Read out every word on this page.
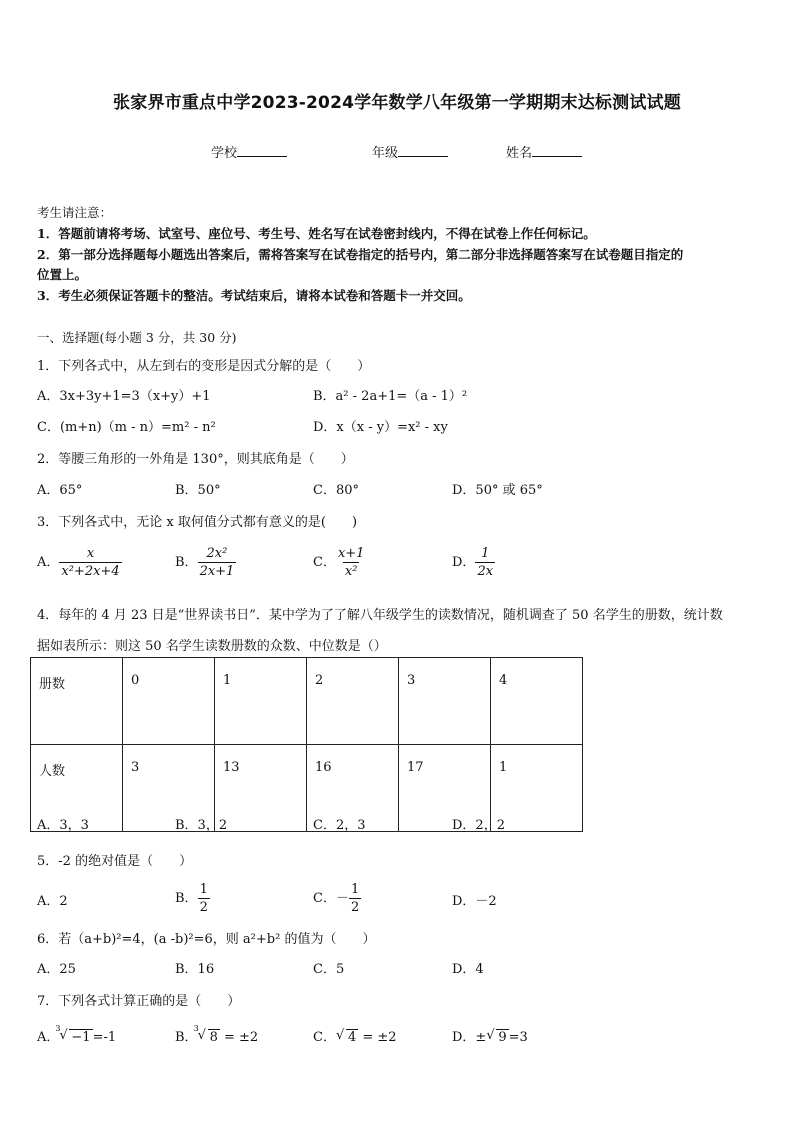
张家界市重点中学2023-2024学年数学八年级第一学期期末达标测试试题
学校	年级	姓名
考生请注意：
1．答题前请将考场、试室号、座位号、考生号、姓名写在试卷密封线内，不得在试卷上作任何标记。
2．第一部分选择题每小题选出答案后，需将答案写在试卷指定的括号内，第二部分非选择题答案写在试卷题目指定的
位置上。
3．考生必须保证答题卡的整洁。考试结束后，请将本试卷和答题卡一并交回。
一、选择题(每小题 3 分，共 30 分)
1．下列各式中，从左到右的变形是因式分解的是（　　）
A．3x+3y+1=3（x+y）+1	B．a² - 2a+1=（a - 1）²
C．(m+n)（m - n）=m² - n²	D．x（x - y）=x² - xy
2．等腰三角形的一外角是 130°，则其底角是（　　）
A．65°	B．50°	C．80°	D．50° 或 65°
3．下列各式中，无论 x 取何值分式都有意义的是(　　)
A． $\frac{x}{\text{x²+2x+4}}$	B． $\frac{\text{2x²}}{2x+1}$	C． $\frac{x+1}{\text{x²}}$	D． $\frac{1}{2x}$
4．每年的 4 月 23 日是“世界读书日”．某中学为了了解八年级学生的读数情况，随机调查了 50 名学生的册数，统计数
据如表所示：则这 50 名学生读数册数的众数、中位数是（）
册数	0	1	2	3	4
人数	3	13	16	17	1
A．3，3	B．3，2	C．2，3	D．2，2
5．-2 的绝对值是（　　）
A．2	B． $\frac{1}{2}$	C．－ $\frac{1}{2}$	D．－2
6．若（a+b)²=4，(a -b)²=6，则 a²+b² 的值为（　　）
A．25	B．16	C．5	D．4
7．下列各式计算正确的是（　　）
A．
3
√ −1 =-1	B．
3
√ 8 = ±2	C． √ 4 = ±2	D．± √ 9 =3
